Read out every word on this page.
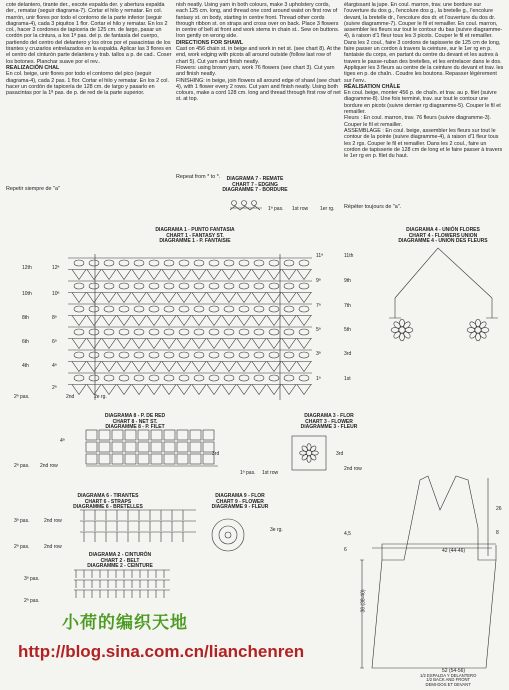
cote delantero, tirante der., escote espalda der. y abertura espalda der., rematar (seguir diagrama-7). Cortar el hilo y rematar. En col. marrón, unir flores por todo el contorno de la parte inferior (seguir diagrama-4), cada 3 piquitos 1 flor. Cortar el hilo y rematar. En los 2 col., hacer 3 cordones de tapiceria de 125 cm. de largo, pasar un cordón por la cintura, a los 1ª pas. del p. de fantasía del cuerpo, partiendo del centro del delantero y los otros por el pasacintas de los tirantes y cruzarlos entrelazados en la espalda. Aplicar las 3 flores en el centro del cinturón parte delantera y trab. tallos a p. de cad.. Coser los botones. Planchar suave por el rev..

REALIZACIÓN CHAL

En col. beige, unir flores por todo el contorno del pico (seguir diagrama-4), cada 2 pas. 1 flor. Cortar el hilo y rematar. En los 2 col. hacer un cordón de tapicería de 128 cm. de largo y pasarlo en pasacintas por la 1ª pas. de p. de red de la parte superior.

Repetir siempre de "a"

nish neatly. Using yarn in both colours, make 3 upholstery cords, each 125 cm. long, and thread one cord around waist on first row of fantasy st. on body, starting in centre front. Thread other cords through ribbon st. on straps and cross over on back. Place 3 flowers in centre of belt at front and work stems in chain st.. Sew on buttons. Iron gently on wrong side.

DIRECTIONS FOR SHAWL

Cast on 456 chain st. in beige and work in net st. (see chart 8). At the end, work edging with picots all around outside (follow last row of chart 5). Cut yarn and finish neatly.

Flowers: using brown yarn, work 76 flowers (see chart 3). Cut yarn and finish neatly.

FINISHING: in beige, join flowers all around edge of shawl (see chart 4), with 1 flower every 2 rows. Cut yarn and finish neatly. Using both colours, make a cord 128 cm. long and thread through first row of net st. at top.

Repeat from * to *.

élargissant la jupe. En coul. marron, trav. une bordure sur l'ouverture du dos g., l'encolure dos g., la bretelle g., l'encolure devant, la bretelle dr., l'encolure dos dr. et l'ouverture du dos dr. (suivre diagramme-7). Couper le fil et remailler. En coul. marron, assembler les fleurs sur tout le contour du bas (suivre diagramme-4), à raison d'1 fleur tous les 3 picots. Couper le fil et remailler. Dans les 2 coul., faire 3 cordons de tapisserie de 125 cm de long, faire passer un cordon à travers la ceinture, sur le 1er rg en p. fantaisie du corps, en partant du centre du devant et les autres à travers le passe-ruban des bretelles, et les entrelacer dans le dos. Appliquer les 3 fleurs au centre de la ceinture du devant et trav. les tiges en p. de chaîn.. Coudre les boutons. Repasser légèrement sur l'env..

RÉALISATION CHÂLE

En coul. beige, monter 456 p. de chaîn. et trav. au p. filet (suivre diagramme-8). Une fois terminé, trav. sur tout le contour une bordure en picots (suivre dernier rg diagramme-5). Couper le fil et remailler.

Fleurs : En coul. marron, trav. 76 fleurs (suivre diagramme-3). Couper le fil et remailler.

ASSEMBLAGE : En coul. beige, assembler les fleurs sur tout le contour de la pointe (suivre diagramme-4), à raison d'1 fleur tous les 2 rgs. Couper le fil et remailler. Dans les 2 coul., faire un cordon de tapisserie de 128 cm de long et le faire passer à travers le 1er rg en p. filet du haut.

Répéter toujours de "a".
DIAGRAMA 7 - REMATE
CHART 7 - EDGING
DIAGRAMME 7 - BORDURE
DIAGRAMA 1 - PUNTO FANTASIA
CHART 1 - FANTASY ST.
DIAGRAMME 1 - P. FANTAISIE
DIAGRAMA 4 - UNIÓN FLORES
CHART 4 - FLOWERS UNION
DIAGRAMME 4 - UNION DES FLEURS
DIAGRAMA 8 - P. DE RED
CHART 8 - NET ST.
DIAGRAMME 8 - P. FILET
DIAGRAMA 3 - FLOR
CHART 3 - FLOWER
DIAGRAMME 3 - FLEUR
DIAGRAMA 6 - TIRANTES
CHART 6 - STRAPS
DIAGRAMME 6 - BRETELLES
DIAGRAMA 9 - FLOR
CHART 9 - FLOWER
DIAGRAMME 9 - FLEUR
DIAGRAMA 2 - CINTURÓN
CHART 2 - BELT
DIAGRAMME 2 - CEINTURE
12ª
10ª
8ª
6ª
4ª
2ª
12th
10th
8th
6th
4th
2nd
11ª
9ª
7ª
5ª
3ª
1ª
11th
9th
7th
5th
3rd
1st
2ª pas.	2e rg.
1ª pas. 1st row 1er rg.
4ª
2ª pas. 2nd row
3rd
1ª pas. 1st row
3rd
2nd row
3ª pas.	2nd row
2ª pas.	2nd row
3ª pas.
2ª pas.
3e rg.
42 (44-46)
52 (54-56)
36 (38-40)
26
8
4,5
6
1/2 ESPALDA Y DELANTERO
1/2 BACK AND FRONT
DEMI-DOS ET DEVANT
小荷的编织天地
http://blog.sina.com.cn/lianchenren
